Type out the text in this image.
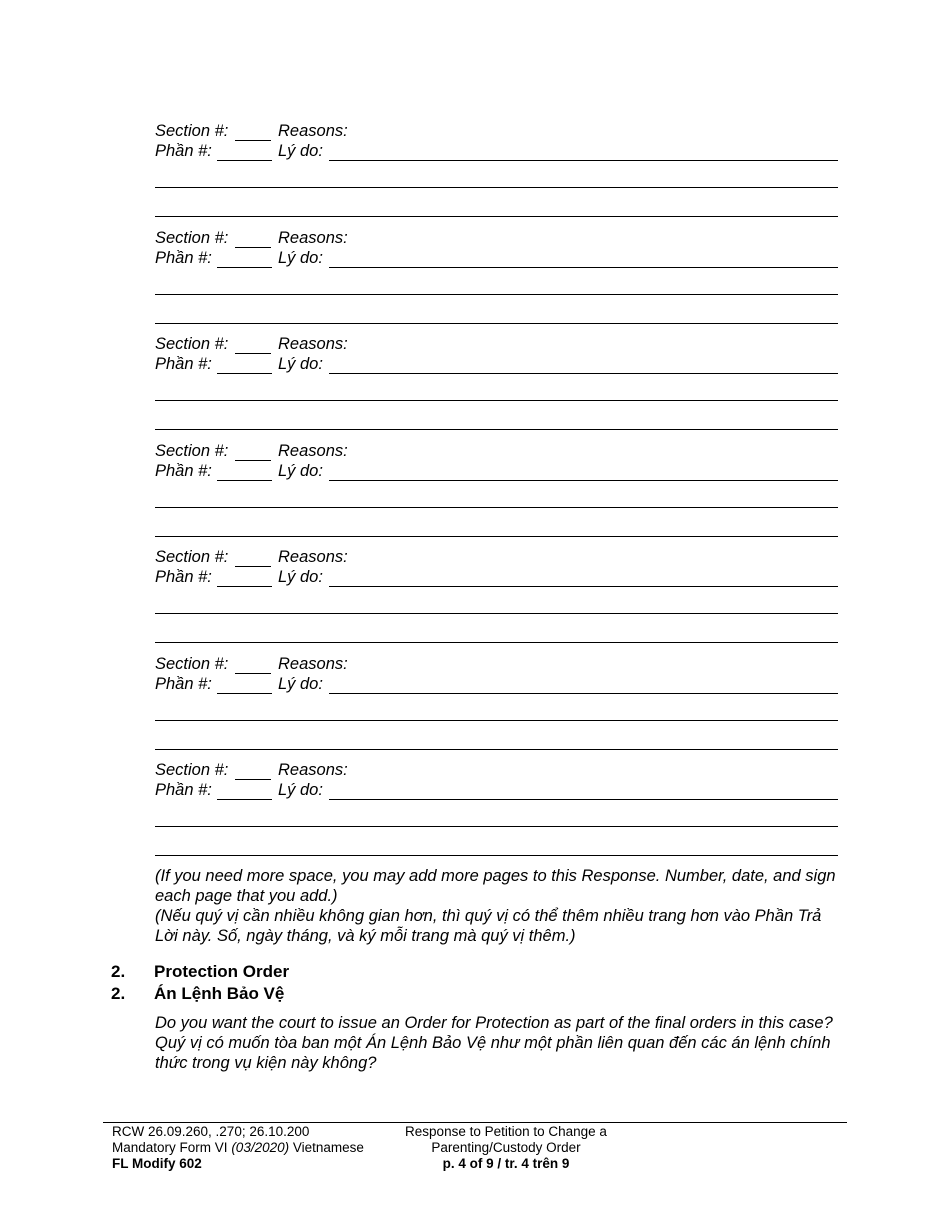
Section #:	Reasons:
Phần #:	Lý do:
Section #:	Reasons:
Phần #:	Lý do:
Section #:	Reasons:
Phần #:	Lý do:
Section #:	Reasons:
Phần #:	Lý do:
Section #:	Reasons:
Phần #:	Lý do:
Section #:	Reasons:
Phần #:	Lý do:
Section #:	Reasons:
Phần #:	Lý do:

(If you need more space, you may add more pages to this Response. Number, date, and sign each page that you add.)

(Nếu quý vị cần nhiều không gian hơn, thì quý vị có thể thêm nhiều trang hơn vào Phần Trả Lời này. Số, ngày tháng, và ký mỗi trang mà quý vị thêm.)

2. Protection Order
2. Án Lệnh Bảo Vệ

Do you want the court to issue an Order for Protection as part of the final orders in this case?

Quý vị có muốn tòa ban một Án Lệnh Bảo Vệ như một phần liên quan đến các án lệnh chính thức trong vụ kiện này không?

RCW 26.09.260, .270; 26.10.200
Mandatory Form VI (03/2020) Vietnamese
FL Modify 602
Response to Petition to Change a
Parenting/Custody Order
p. 4 of 9 / tr. 4 trên 9
